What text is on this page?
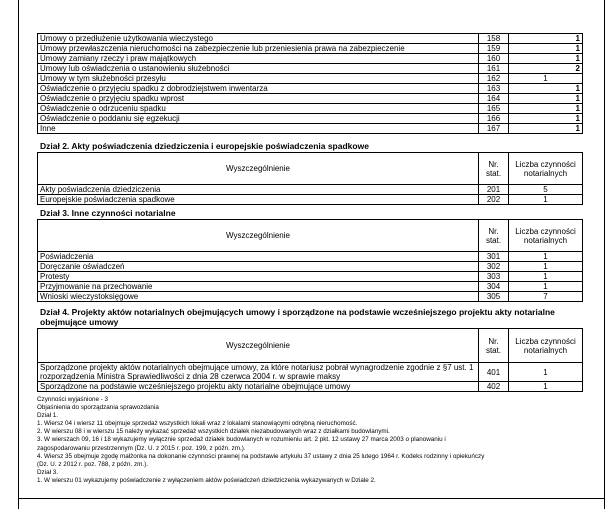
Umowy o przedłużenie użytkowania wieczystego	158	1
Umowy przewłaszczenia nieruchomości na zabezpieczenie lub przeniesienia prawa na zabezpieczenie	159	1
Umowy zamiany rzeczy i praw majątkowych	160	1
Umowy lub oświadczenia o ustanowieniu służebności	161	2
Umowy w tym służebności przesyłu	162	1
Oświadczenie o przyjęciu spadku z dobrodziejstwem inwentarza	163	1
Oświadczenie o przyjęciu spadku wprost	164	1
Oświadczenie o odrzuceniu spadku	165	1
Oświadczenie o poddaniu się egzekucji	166	1
Inne	167	1
Dział 2. Akty poświadczenia dziedziczenia i europejskie poświadczenia spadkowe
Wyszczególnienie	Nr. stat.	Liczba czynności notarialnych
Akty poświadczenia dziedziczenia	201	5
Europejskie poświadczenia spadkowe	202	1
Dział 3. Inne czynności notarialne
Wyszczególnienie	Nr. stat.	Liczba czynności notarialnych
Poświadczenia	301	1
Doręczanie oświadczeń	302	1
Protesty	303	1
Przyjmowanie na przechowanie	304	1
Wnioski wieczystoksięgowe	305	7
Dział 4. Projekty aktów notarialnych obejmujących umowy i sporządzone na podstawie wcześniejszego projektu akty notarialne obejmujące umowy
Wyszczególnienie	Nr. stat.	Liczba czynności notarialnych
Sporządzone projekty aktów notarialnych obejmujące umowy, za które notariusz pobrał wynagrodzenie zgodnie z §7 ust. 1 rozporządzenia Ministra Sprawiedliwości z dnia 28 czerwca 2004 r. w sprawie maksy	401	1
Sporządzone na podstawie wcześniejszego projektu akty notarialne obejmujące umowy	402	1
Czynności wyjaśnione - 3
Objaśnienia do sporządzania sprawozdania
Dział 1.
1. Wiersz 04 i wiersz 11 obejmuje sprzedaż wszystkich lokali wraz z lokalami stanowiącymi odrębną nieruchomość.
2. W wierszu 08 i w wierszu 15 należy wykazać sprzedaż wszystkich działek niezabudowanych wraz z działkami budowlanymi.
3. W wierszach 09, 16 i 18 wykazujemy wyłącznie sprzedaż działek budowlanych w rozumieniu art. 2 pkt. 12 ustawy 27 marca 2003 o planowaniu i
zagospodarowaniu przestrzennym (Dz. U. z 2015 r. poz. 199, z późn. zm.).
4. Wiersz 35 obejmuje zgodę małżonka na dokonanie czynności prawnej na podstawie artykułu 37 ustawy z dnia 25 lutego 1964 r. Kodeks rodzinny i opiekuńczy
(Dz. U. z 2012 r. poz. 788, z późn. zm.).
Dział 3.
1. W wierszu 01 wykazujemy poświadczenie z wyłączeniem aktów poświadczeń dziedziczenia wykazywanych w Dziale 2.
